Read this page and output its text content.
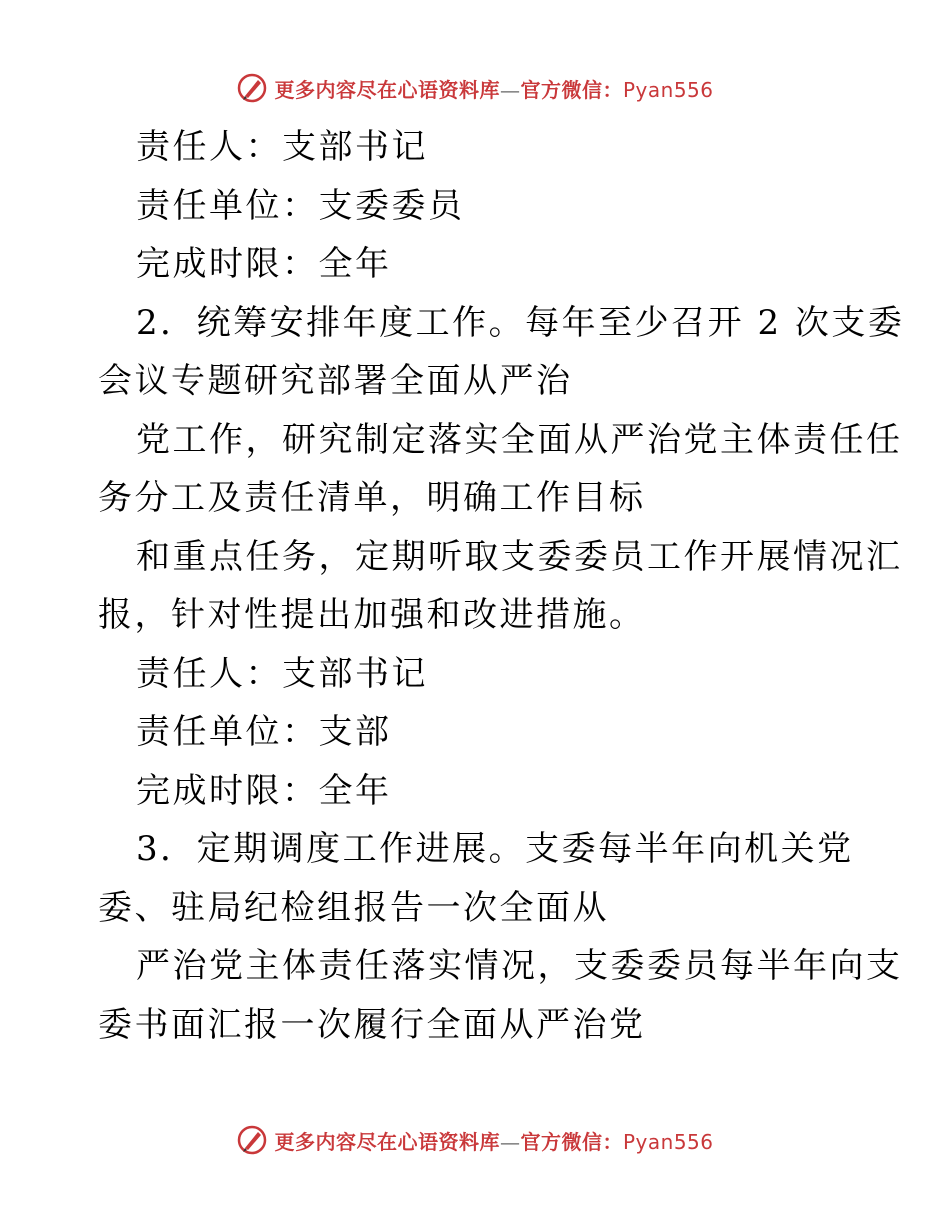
更多内容尽在心语资料库—官方微信：Pyan556
责任人：支部书记
责任单位：支委委员
完成时限：全年
2．统筹安排年度工作。每年至少召开 2 次支委
会议专题研究部署全面从严治
党工作，研究制定落实全面从严治党主体责任任
务分工及责任清单，明确工作目标
和重点任务，定期听取支委委员工作开展情况汇
报，针对性提出加强和改进措施。
责任人：支部书记
责任单位：支部
完成时限：全年
3．定期调度工作进展。支委每半年向机关党
委、驻局纪检组报告一次全面从
严治党主体责任落实情况，支委委员每半年向支
委书面汇报一次履行全面从严治党
更多内容尽在心语资料库—官方微信：Pyan556
